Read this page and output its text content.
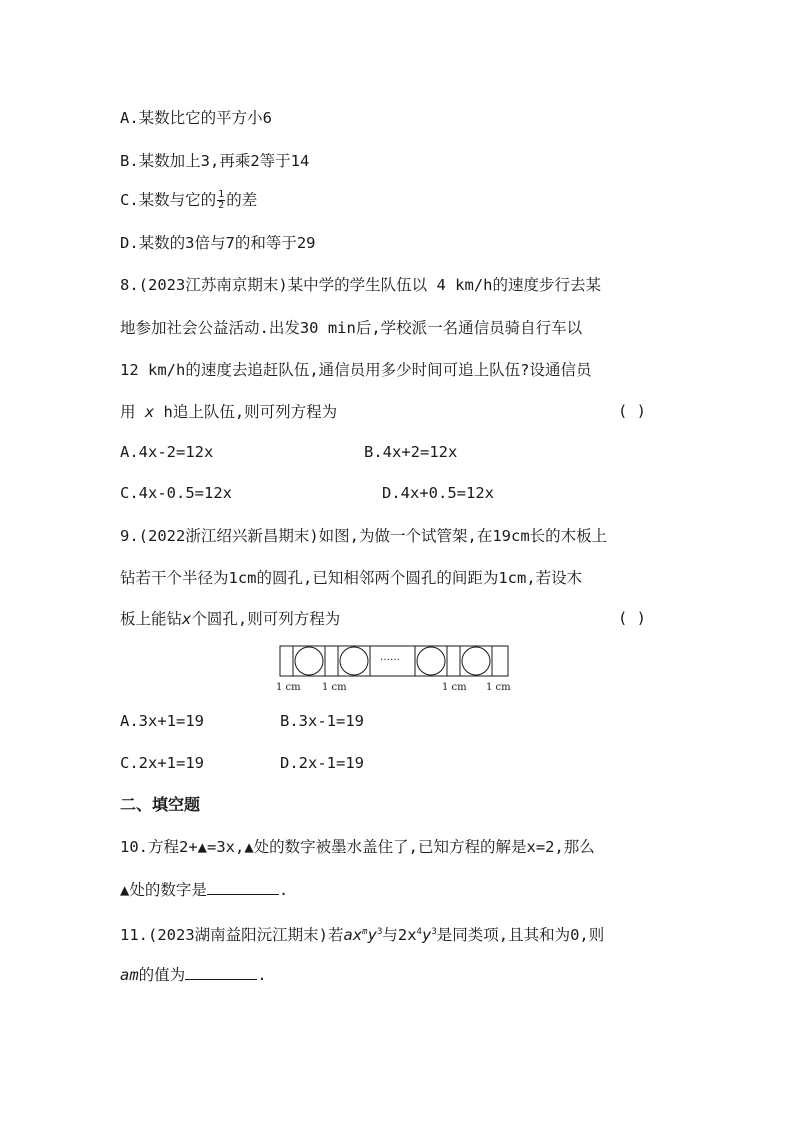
A.某数比它的平方小6
B.某数加上3,再乘2等于14
C.某数与它的 $\frac{1}{2}$ 的差
D.某数的3倍与7的和等于29
8.(2023江苏南京期末)某中学的学生队伍以 4 km/h的速度步行去某
地参加社会公益活动.出发30 min后,学校派一名通信员骑自行车以
12 km/h的速度去追赶队伍,通信员用多少时间可追上队伍?设通信员
用 x h追上队伍,则可列方程为	( )
A.4x-2=12x	B.4x+2=12x
C.4x-0.5=12x	D.4x+0.5=12x
9.(2022浙江绍兴新昌期末)如图,为做一个试管架,在19cm长的木板上
钻若干个半径为1cm的圆孔,已知相邻两个圆孔的间距为1cm,若设木
板上能钻x个圆孔,则可列方程为	( )
……
1 cm 1 cm	1 cm 1 cm
A.3x+1=19	B.3x-1=19
C.2x+1=19	D.2x-1=19
二、填空题
10.方程2+▲=3x,▲处的数字被墨水盖住了,已知方程的解是x=2,那么
▲处的数字是	.
11.(2023湖南益阳沅江期末)若$ax^my^3$与$2x^4y^3$是同类项,且其和为0,则
am的值为	.
